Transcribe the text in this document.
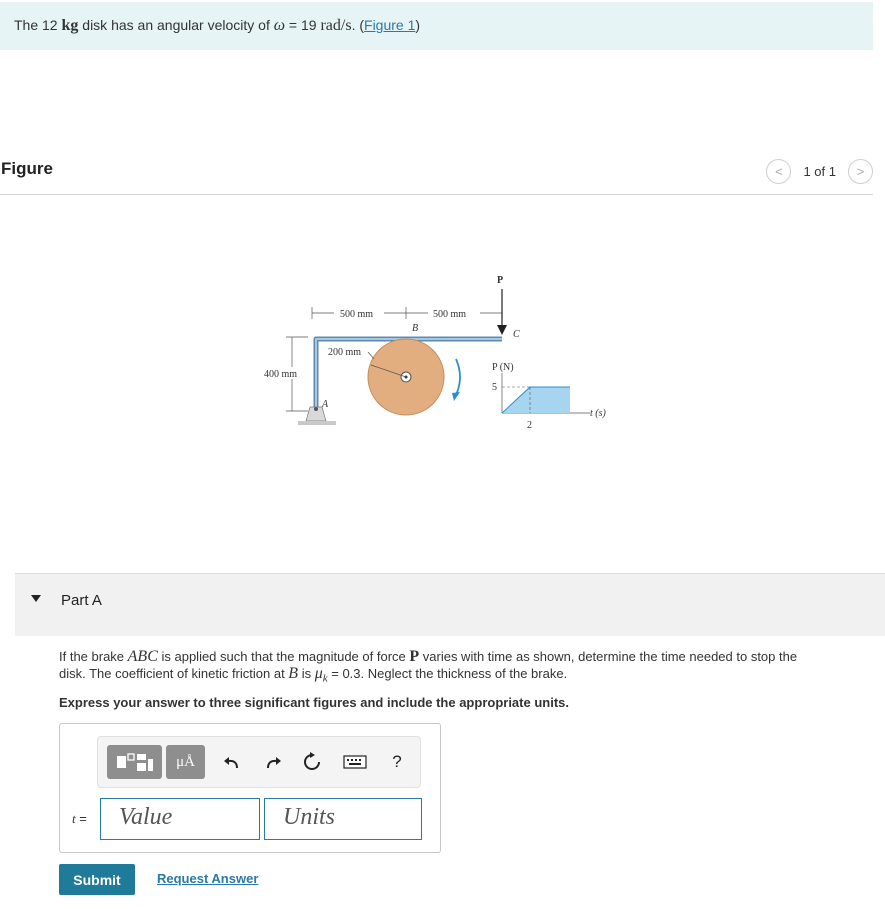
The 12 kg disk has an angular velocity of ω = 19 rad/s. (Figure 1)
Figure	< 1 of 1 >
500 mm	500 mm
B
400 mm
A
200 mm
P
C
P (N)
5
2
t (s)
Part A
If the brake ABC is applied such that the magnitude of force P varies with time as shown, determine the time needed to stop the
disk. The coefficient of kinetic friction at B is $\mu_k = 0.3$. Neglect the thickness of the brake.
Express your answer to three significant figures and include the appropriate units.
μÅ	?
t =	Value	Units
Submit	Request Answer
